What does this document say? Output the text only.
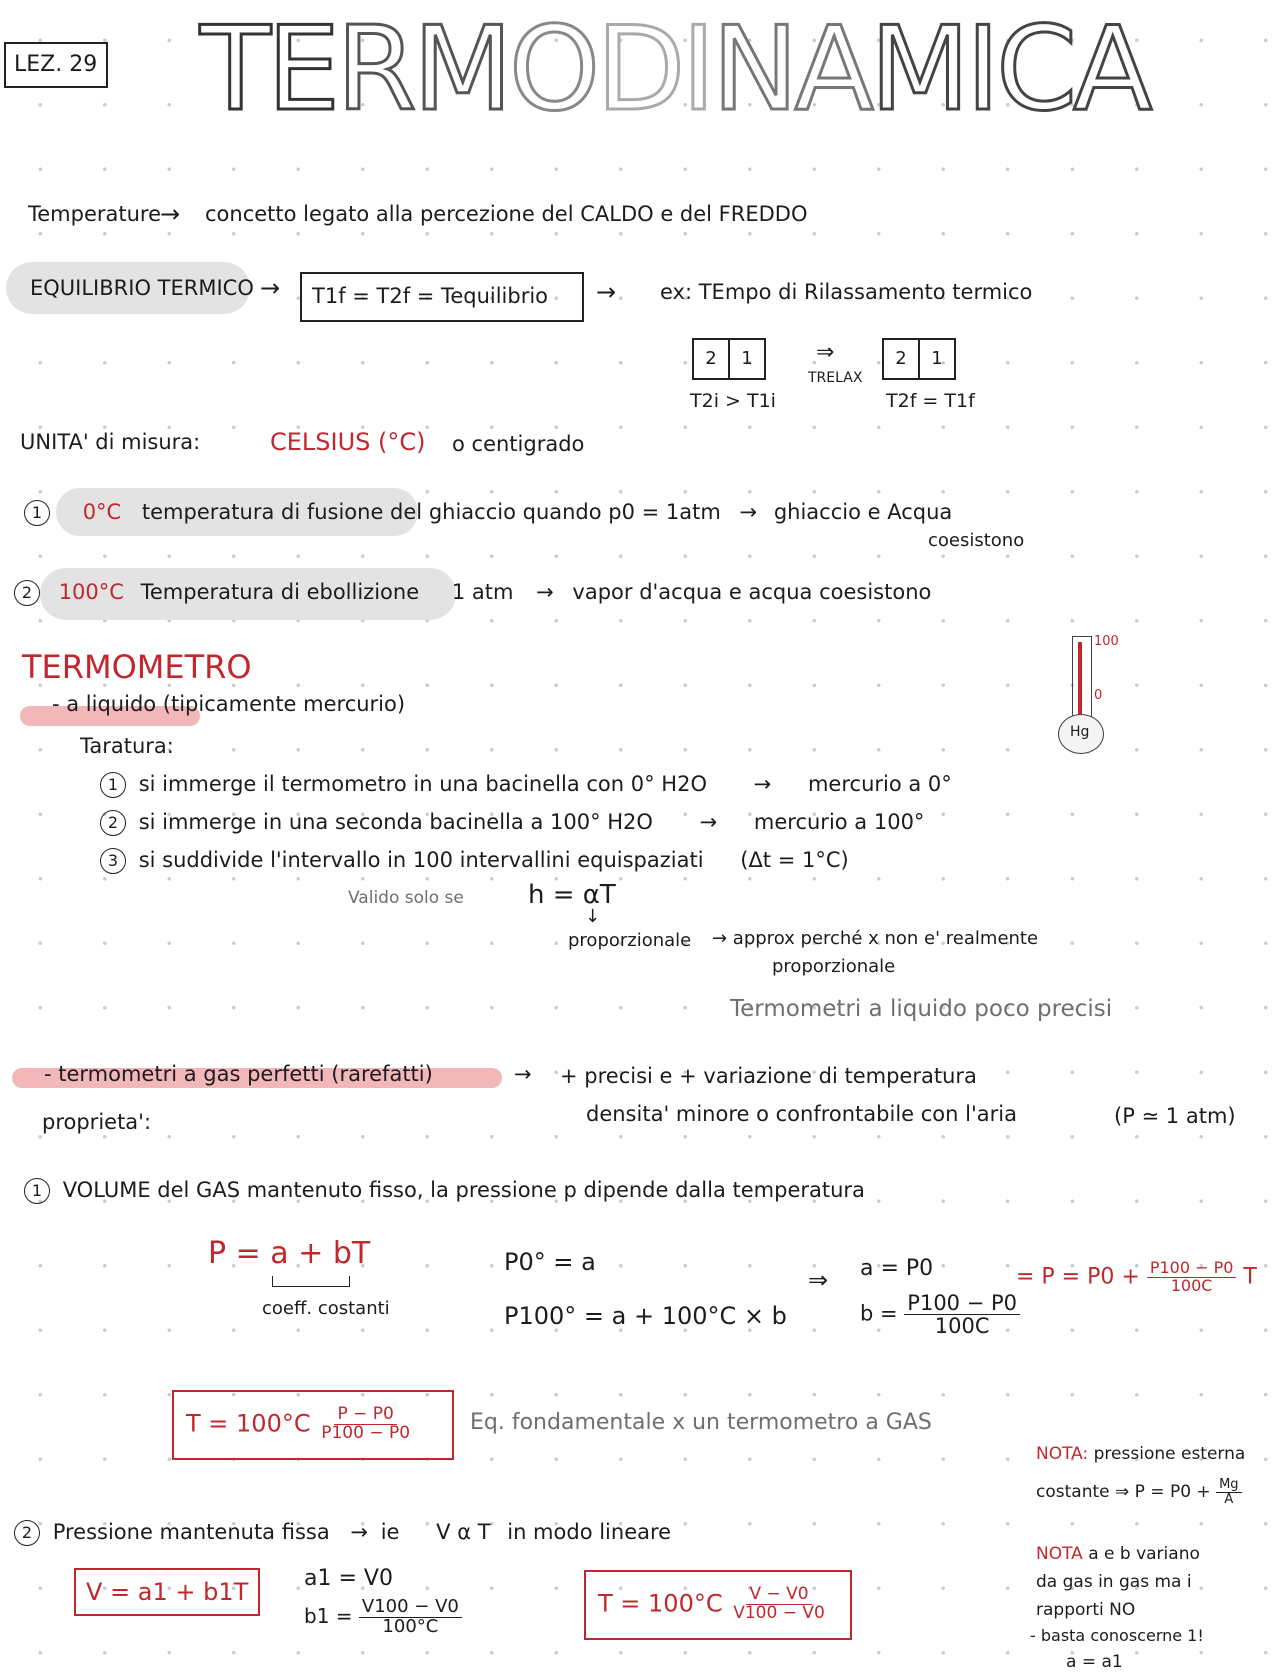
LEZ. 29 TERMODINAMICA
Temperature
→ concetto legato alla percezione del CALDO e del FREDDO
EQUILIBRIO TERMICO → T1f = T2f = Tequilibrio → ex: TEmpo di Rilassamento termico
2	1
T2i > T1i
⇒
TRELAX
2	1
T2f = T1f
UNITA' di misura:	CELSIUS (°C) o centigrado
1 0°C temperatura di fusione del ghiaccio quando p0 = 1atm → ghiaccio e Acqua
coesistono
2 100°C Temperatura di ebollizione 1 atm → vapor d'acqua e acqua coesistono
TERMOMETRO
- a liquido (tipicamente mercurio)
Taratura:
1 si immerge il termometro in una bacinella con 0° H2O → mercurio a 0°
2 si immerge in una seconda bacinella a 100° H2O → mercurio a 100°
3 si suddivide l'intervallo in 100 intervallini equispaziati (Δt = 1°C)
Valido solo se h = αT
↓
proporzionale → approx perché x non e' realmente
proporzionale
Termometri a liquido poco precisi
100
0
Hg
- termometri a gas perfetti (rarefatti)	→ + precisi e + variazione di temperatura
proprieta':	densita' minore o confrontabile con l'aria	(P ≃ 1 atm)
1 VOLUME del GAS mantenuto fisso, la pressione p dipende dalla temperatura
P = a + bT
coeff. costanti
P0° = a
P100° = a + 100°C × b
⇒ a = P0
$b = \frac{P100 - P0}{100C}$
= $P = P0 + \frac{P100 - P0}{100C}$ T
$T = 100^\circ C \frac{P - P0}{P100 - P0}$	Eq. fondamentale x un termometro a GAS
2 Pressione mantenuta fissa → ie V α T in modo lineare
V = a1 + b1T	a1 = V0
$b1 = \frac{V100 - V0}{100^\circ C}$	$T = 100^\circ C \frac{V - V0}{V100 - V0}$
NOTA: pressione esterna
costante ⇒ $P = P0 + \frac{Mg}{A}$
NOTA a e b variano
da gas in gas ma i
rapporti NO
- basta conoscerne 1!
a = a1
